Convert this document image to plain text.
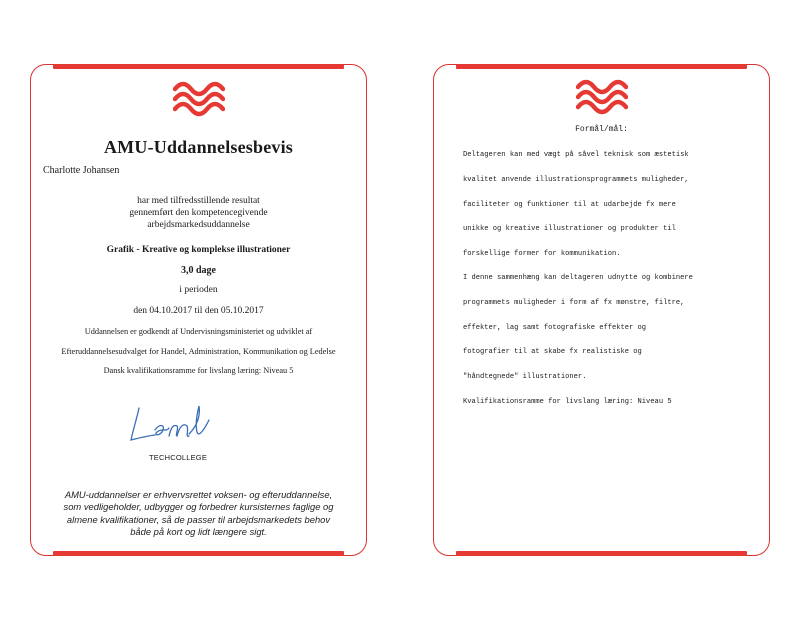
AMU-Uddannelsesbevis
Charlotte Johansen
har med tilfredsstillende resultat
gennemført den kompetencegivende
arbejdsmarkedsuddannelse
Grafik - Kreative og komplekse illustrationer
3,0 dage
i perioden
den 04.10.2017 til den 05.10.2017
Uddannelsen er godkendt af Undervisningsministeriet og udviklet af
Efteruddannelsesudvalget for Handel, Administration, Kommunikation og Ledelse
Dansk kvalifikationsramme for livslang læring: Niveau 5
TECHCOLLEGE
AMU-uddannelser er erhvervsrettet voksen- og efteruddannelse,
som vedligeholder, udbygger og forbedrer kursisternes faglige og
almene kvalifikationer, så de passer til arbejdsmarkedets behov
både på kort og lidt længere sigt.
Formål/mål:

Deltageren kan med vægt på såvel teknisk som æstetisk

kvalitet anvende illustrationsprogrammets muligheder,

faciliteter og funktioner til at udarbejde fx mere

unikke og kreative illustrationer og produkter til

forskellige former for kommunikation.

I denne sammenhæng kan deltageren udnytte og kombinere

programmets muligheder i form af fx mønstre, filtre,

effekter, lag samt fotografiske effekter og

fotografier til at skabe fx realistiske og

"håndtegnede" illustrationer.

Kvalifikationsramme for livslang læring: Niveau 5
